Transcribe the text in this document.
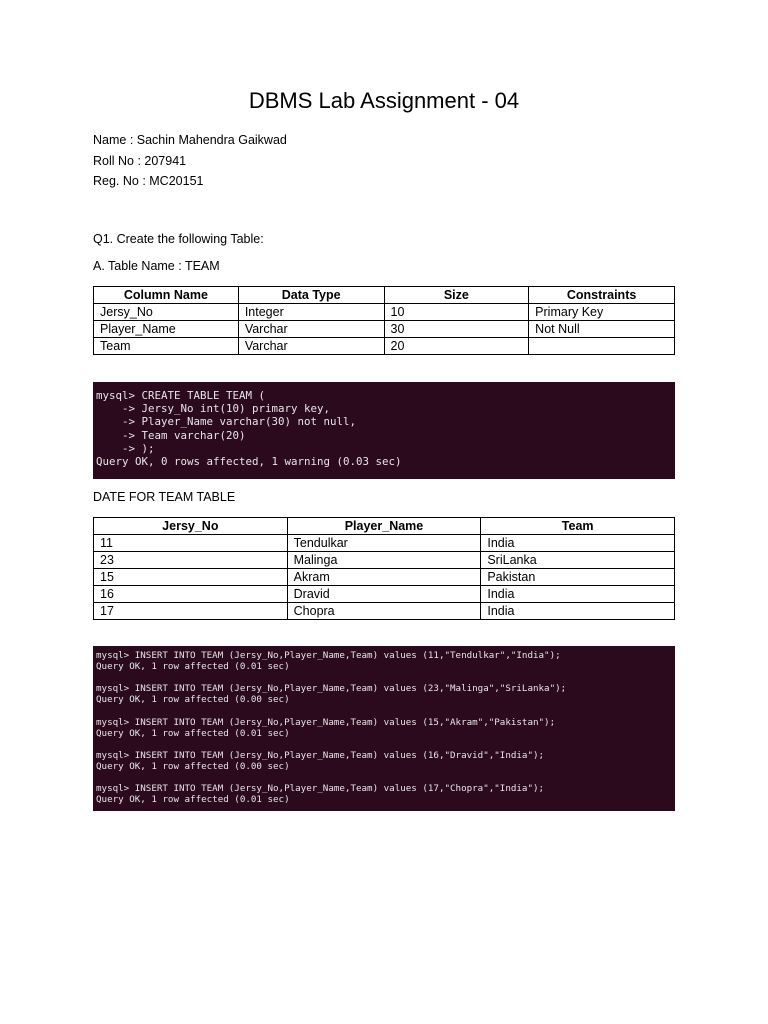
DBMS Lab Assignment - 04
Name : Sachin Mahendra Gaikwad
Roll No : 207941
Reg. No : MC20151
Q1. Create the following Table:
A. Table Name : TEAM
Column Name	Data Type	Size	Constraints
Jersy_No	Integer	10	Primary Key
Player_Name	Varchar	30	Not Null
Team	Varchar	20	
mysql> CREATE TABLE TEAM (
-> Jersy_No int(10) primary key,
-> Player_Name varchar(30) not null,
-> Team varchar(20)
-> );
Query OK, 0 rows affected, 1 warning (0.03 sec)
DATE FOR TEAM TABLE
Jersy_No	Player_Name	Team
11	Tendulkar	India
23	Malinga	SriLanka
15	Akram	Pakistan
16	Dravid	India
17	Chopra	India
mysql> INSERT INTO TEAM (Jersy_No,Player_Name,Team) values (11,"Tendulkar","India");
Query OK, 1 row affected (0.01 sec)
mysql> INSERT INTO TEAM (Jersy_No,Player_Name,Team) values (23,"Malinga","SriLanka");
Query OK, 1 row affected (0.00 sec)
mysql> INSERT INTO TEAM (Jersy_No,Player_Name,Team) values (15,"Akram","Pakistan");
Query OK, 1 row affected (0.01 sec)
mysql> INSERT INTO TEAM (Jersy_No,Player_Name,Team) values (16,"Dravid","India");
Query OK, 1 row affected (0.00 sec)
mysql> INSERT INTO TEAM (Jersy_No,Player_Name,Team) values (17,"Chopra","India");
Query OK, 1 row affected (0.01 sec)
